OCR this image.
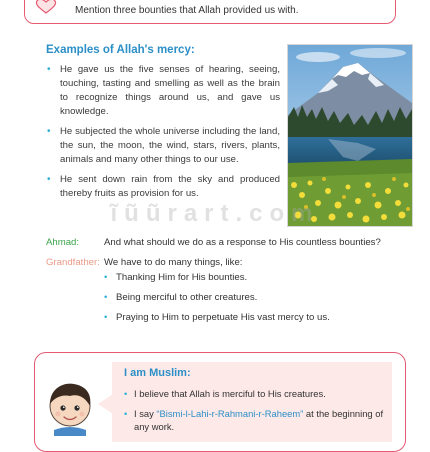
Mention three bounties that Allah provided us with.
Examples of Allah's mercy:
• He gave us the five senses of hearing, seeing, touching, tasting and smelling as well as the brain to recognize things around us, and gave us knowledge.
• He subjected the whole universe including the land, the sun, the moon, the wind, stars, rivers, plants, animals and many other things to our use.
• He sent down rain from the sky and produced thereby fruits as provision for us.
ĩũũrart.com
Ahmad:	And what should we do as a response to His countless bounties?
Grandfather: We have to do many things, like:
• Thanking Him for His bounties.
• Being merciful to other creatures.
• Praying to Him to perpetuate His vast mercy to us.
I am Muslim:
• I believe that Allah is merciful to His creatures.
• I say “Bismi-l-Lahi-r-Rahmani-r-Raheem” at the beginning of any work.
